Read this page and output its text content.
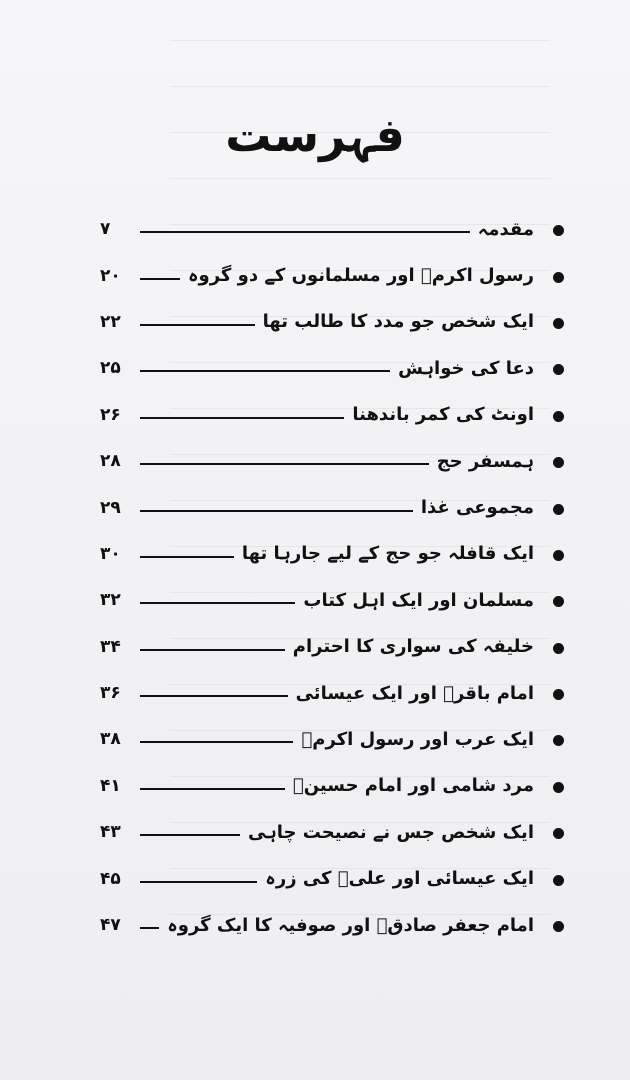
فہرست
۷	مقدمہ
۲۰	رسول اکرمؐ اور مسلمانوں کے دو گروہ
۲۲	ایک شخص جو مدد کا طالب تھا
۲۵	دعا کی خواہش
۲۶	اونٹ کی کمر باندھنا
۲۸	ہمسفر حج
۲۹	مجموعی غذا
۳۰	ایک قافلہ جو حج کے لیے جارہا تھا
۳۲	مسلمان اور ایک اہل کتاب
۳۴	خلیفہ کی سواری کا احترام
۳۶	امام باقرؑ اور ایک عیسائی
۳۸	ایک عرب اور رسول اکرمؐ
۴۱	مرد شامی اور امام حسینؑ
۴۳	ایک شخص جس نے نصیحت چاہی
۴۵	ایک عیسائی اور علیؑ کی زرہ
۴۷	امام جعفر صادقؑ اور صوفیہ کا ایک گروہ
